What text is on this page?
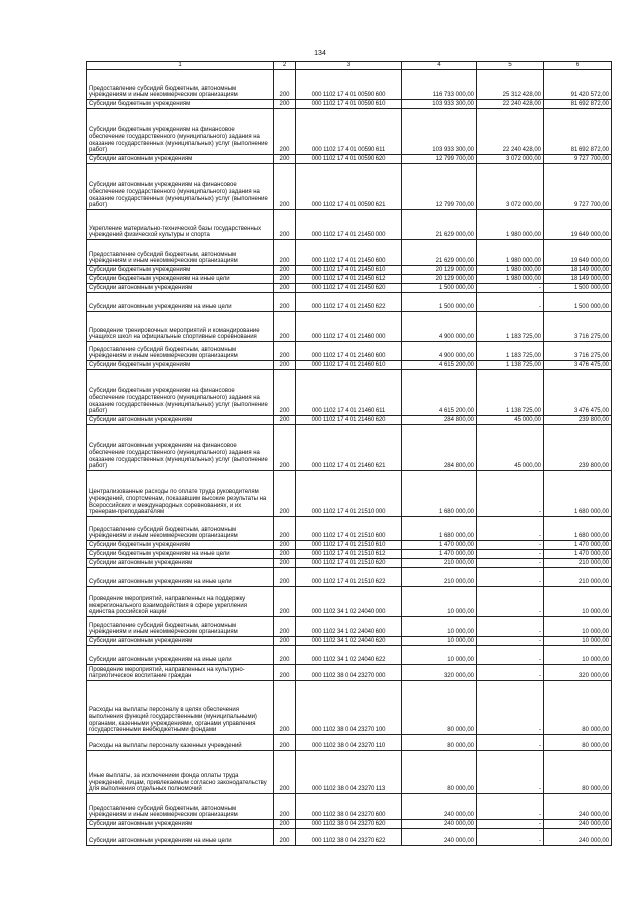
134
1	2	3	4	5	6
Предоставление субсидий бюджетным, автономным учреждениям и иным некоммерческим организациям	200	000 1102 17 4 01 00590 600	116 733 000,00	25 312 428,00	91 420 572,00
Субсидии бюджетным учреждениям	200	000 1102 17 4 01 00590 610	103 933 300,00	22 240 428,00	81 692 872,00
Субсидии бюджетным учреждениям на финансовое обеспечение государственного (муниципального) задания на оказание государственных (муниципальных) услуг (выполнение работ)	200	000 1102 17 4 01 00590 611	103 933 300,00	22 240 428,00	81 692 872,00
Субсидии автономным учреждениям	200	000 1102 17 4 01 00590 620	12 799 700,00	3 072 000,00	9 727 700,00
Субсидии автономным учреждениям на финансовое обеспечение государственного (муниципального) задания на оказание государственных (муниципальных) услуг (выполнение работ)	200	000 1102 17 4 01 00590 621	12 799 700,00	3 072 000,00	9 727 700,00
Укрепление материально-технической базы государственных учреждений физической культуры и спорта	200	000 1102 17 4 01 21450 000	21 629 000,00	1 980 000,00	19 649 000,00
Предоставление субсидий бюджетным, автономным учреждениям и иным некоммерческим организациям	200	000 1102 17 4 01 21450 600	21 629 000,00	1 980 000,00	19 649 000,00
Субсидии бюджетным учреждениям	200	000 1102 17 4 01 21450 610	20 129 000,00	1 980 000,00	18 149 000,00
Субсидии бюджетным учреждениям на иные цели	200	000 1102 17 4 01 21450 612	20 129 000,00	1 980 000,00	18 149 000,00
Субсидии автономным учреждениям	200	000 1102 17 4 01 21450 620	1 500 000,00	-	1 500 000,00
Субсидии автономным учреждениям на иные цели	200	000 1102 17 4 01 21450 622	1 500 000,00	-	1 500 000,00
Проведение тренировочных мероприятий и командирование учащихся школ на официальные спортивные соревнования	200	000 1102 17 4 01 21460 000	4 900 000,00	1 183 725,00	3 716 275,00
Предоставление субсидий бюджетным, автономным учреждениям и иным некоммерческим организациям	200	000 1102 17 4 01 21460 600	4 900 000,00	1 183 725,00	3 716 275,00
Субсидии бюджетным учреждениям	200	000 1102 17 4 01 21460 610	4 615 200,00	1 138 725,00	3 476 475,00
Субсидии бюджетным учреждениям на финансовое обеспечение государственного (муниципального) задания на оказание государственных (муниципальных) услуг (выполнение работ)	200	000 1102 17 4 01 21460 611	4 615 200,00	1 138 725,00	3 476 475,00
Субсидии автономным учреждениям	200	000 1102 17 4 01 21460 620	284 800,00	45 000,00	239 800,00
Субсидии автономным учреждениям на финансовое обеспечение государственного (муниципального) задания на оказание государственных (муниципальных) услуг (выполнение работ)	200	000 1102 17 4 01 21460 621	284 800,00	45 000,00	239 800,00
Централизованные расходы по оплате труда руководителям учреждений, спортсменам, показавшим высокие результаты на Всероссийских и международных соревнованиях, и их тренерам-преподавателям	200	000 1102 17 4 01 21510 000	1 680 000,00	-	1 680 000,00
Предоставление субсидий бюджетным, автономным учреждениям и иным некоммерческим организациям	200	000 1102 17 4 01 21510 600	1 680 000,00	-	1 680 000,00
Субсидии бюджетным учреждениям	200	000 1102 17 4 01 21510 610	1 470 000,00	-	1 470 000,00
Субсидии бюджетным учреждениям на иные цели	200	000 1102 17 4 01 21510 612	1 470 000,00	-	1 470 000,00
Субсидии автономным учреждениям	200	000 1102 17 4 01 21510 620	210 000,00	-	210 000,00
Субсидии автономным учреждениям на иные цели	200	000 1102 17 4 01 21510 622	210 000,00	-	210 000,00
Проведение мероприятий, направленных на поддержку межрегионального взаимодействия в сфере укрепления единства российской нации	200	000 1102 34 1 02 24040 000	10 000,00	-	10 000,00
Предоставление субсидий бюджетным, автономным учреждениям и иным некоммерческим организациям	200	000 1102 34 1 02 24040 600	10 000,00	-	10 000,00
Субсидии автономным учреждениям	200	000 1102 34 1 02 24040 620	10 000,00	-	10 000,00
Субсидии автономным учреждениям на иные цели	200	000 1102 34 1 02 24040 622	10 000,00	-	10 000,00
Проведение мероприятий, направленных на культурно-патриотическое воспитание граждан	200	000 1102 38 0 04 23270 000	320 000,00	-	320 000,00
Расходы на выплаты персоналу в целях обеспечения выполнения функций государственными (муниципальными) органами, казенными учреждениями, органами управления государственными внебюджетными фондами	200	000 1102 38 0 04 23270 100	80 000,00	-	80 000,00
Расходы на выплаты персоналу казенных учреждений	200	000 1102 38 0 04 23270 110	80 000,00	-	80 000,00
Иные выплаты, за исключением фонда оплаты труда учреждений, лицам, привлекаемым согласно законодательству для выполнения отдельных полномочий	200	000 1102 38 0 04 23270 113	80 000,00	-	80 000,00
Предоставление субсидий бюджетным, автономным учреждениям и иным некоммерческим организациям	200	000 1102 38 0 04 23270 600	240 000,00	-	240 000,00
Субсидии автономным учреждениям	200	000 1102 38 0 04 23270 620	240 000,00	-	240 000,00
Субсидии автономным учреждениям на иные цели	200	000 1102 38 0 04 23270 622	240 000,00	-	240 000,00
